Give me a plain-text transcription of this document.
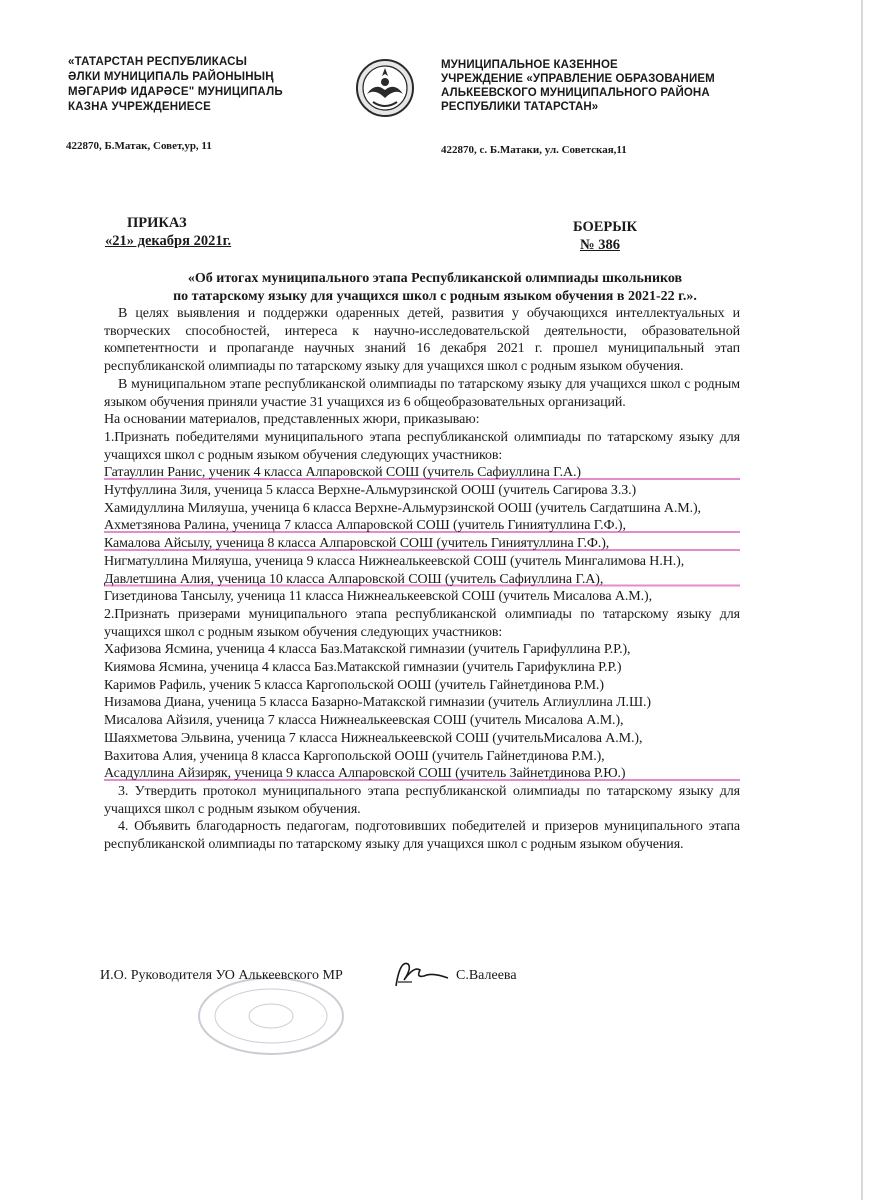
«ТАТАРСТАН РЕСПУБЛИКАСЫ
ӘЛКИ МУНИЦИПАЛЬ РАЙОНЫНЫҢ
МӘГАРИФ ИДАРӘСЕ" МУНИЦИПАЛЬ
КАЗНА УЧРЕЖДЕНИЕСЕ
МУНИЦИПАЛЬНОЕ КАЗЕННОЕ
УЧРЕЖДЕНИЕ «УПРАВЛЕНИЕ ОБРАЗОВАНИЕМ
АЛЬКЕЕВСКОГО МУНИЦИПАЛЬНОГО РАЙОНА
РЕСПУБЛИКИ ТАТАРСТАН»
422870, Б.Матак, Совет,ур, 11	422870, с. Б.Матаки, ул. Советская,11
ПРИКАЗ
«21» декабря 2021г.
БОЕРЫК
№ 386
«Об итогах муниципального этапа Республиканской олимпиады школьников
по татарскому языку для учащихся школ с родным языком обучения в 2021-22 г.».
В целях выявления и поддержки одаренных детей, развития у обучающихся интеллектуальных и творческих способностей, интереса к научно-исследовательской деятельности, образовательной компетентности и пропаганде научных знаний 16 декабря 2021 г. прошел муниципальный этап республиканской олимпиады по татарскому языку для учащихся школ с родным языком обучения.
В муниципальном этапе республиканской олимпиады по татарскому языку для учащихся школ с родным языком обучения приняли участие 31 учащихся из 6 общеобразовательных организаций.
На основании материалов, представленных жюри, приказываю:
1.Признать победителями муниципального этапа республиканской олимпиады по татарскому языку для учащихся школ с родным языком обучения следующих участников:
Гатауллин Ранис, ученик 4 класса Алпаровской СОШ (учитель Сафиуллина Г.А.)
Нутфуллина Зиля, ученица 5 класса Верхне-Альмурзинской ООШ (учитель Сагирова З.З.)
Хамидуллина Миляуша, ученица 6 класса Верхне-Альмурзинской ООШ (учитель Сагдатшина А.М.),
Ахметзянова Ралина, ученица 7 класса Алпаровской СОШ (учитель Гиниятуллина Г.Ф.),
Камалова Айсылу, ученица 8 класса Алпаровской СОШ (учитель Гиниятуллина Г.Ф.),
Нигматуллина Миляуша, ученица 9 класса Нижнеалькеевской СОШ (учитель Мингалимова Н.Н.),
Давлетшина Алия, ученица 10 класса Алпаровской СОШ (учитель Сафиуллина Г.А),
Гизетдинова Тансылу, ученица 11 класса Нижнеалькеевской СОШ (учитель Мисалова А.М.),
2.Признать призерами муниципального этапа республиканской олимпиады по татарскому языку для учащихся школ с родным языком обучения следующих участников:
Хафизова Ясмина, ученица 4 класса Баз.Матакской гимназии (учитель Гарифуллина Р.Р.),
Киямова Ясмина, ученица 4 класса Баз.Матакской гимназии (учитель Гарифуклина Р.Р.)
Каримов Рафиль, ученик 5 класса Каргопольской ООШ (учитель Гайнетдинова Р.М.)
Низамова Диана, ученица 5 класса Базарно-Матакской гимназии (учитель Аглиуллина Л.Ш.)
Мисалова Айзиля, ученица 7 класса Нижнеалькеевская СОШ (учитель Мисалова А.М.),
Шаяхметова Эльвина, ученица 7 класса Нижнеалькеевской СОШ (учительМисалова А.М.),
Вахитова Алия, ученица 8 класса Каргопольской ООШ (учитель Гайнетдинова Р.М.),
Асадуллина Айзиряк, ученица 9 класса Алпаровской СОШ (учитель Зайнетдинова Р.Ю.)
3. Утвердить протокол муниципального этапа республиканской олимпиады по татарскому языку для учащихся школ с родным языком обучения.
4. Объявить благодарность педагогам, подготовивших победителей и призеров муниципального этапа республиканской олимпиады по татарскому языку для учащихся школ с родным языком обучения.
И.О. Руководителя УО Алькеевского МР	С.Валеева
